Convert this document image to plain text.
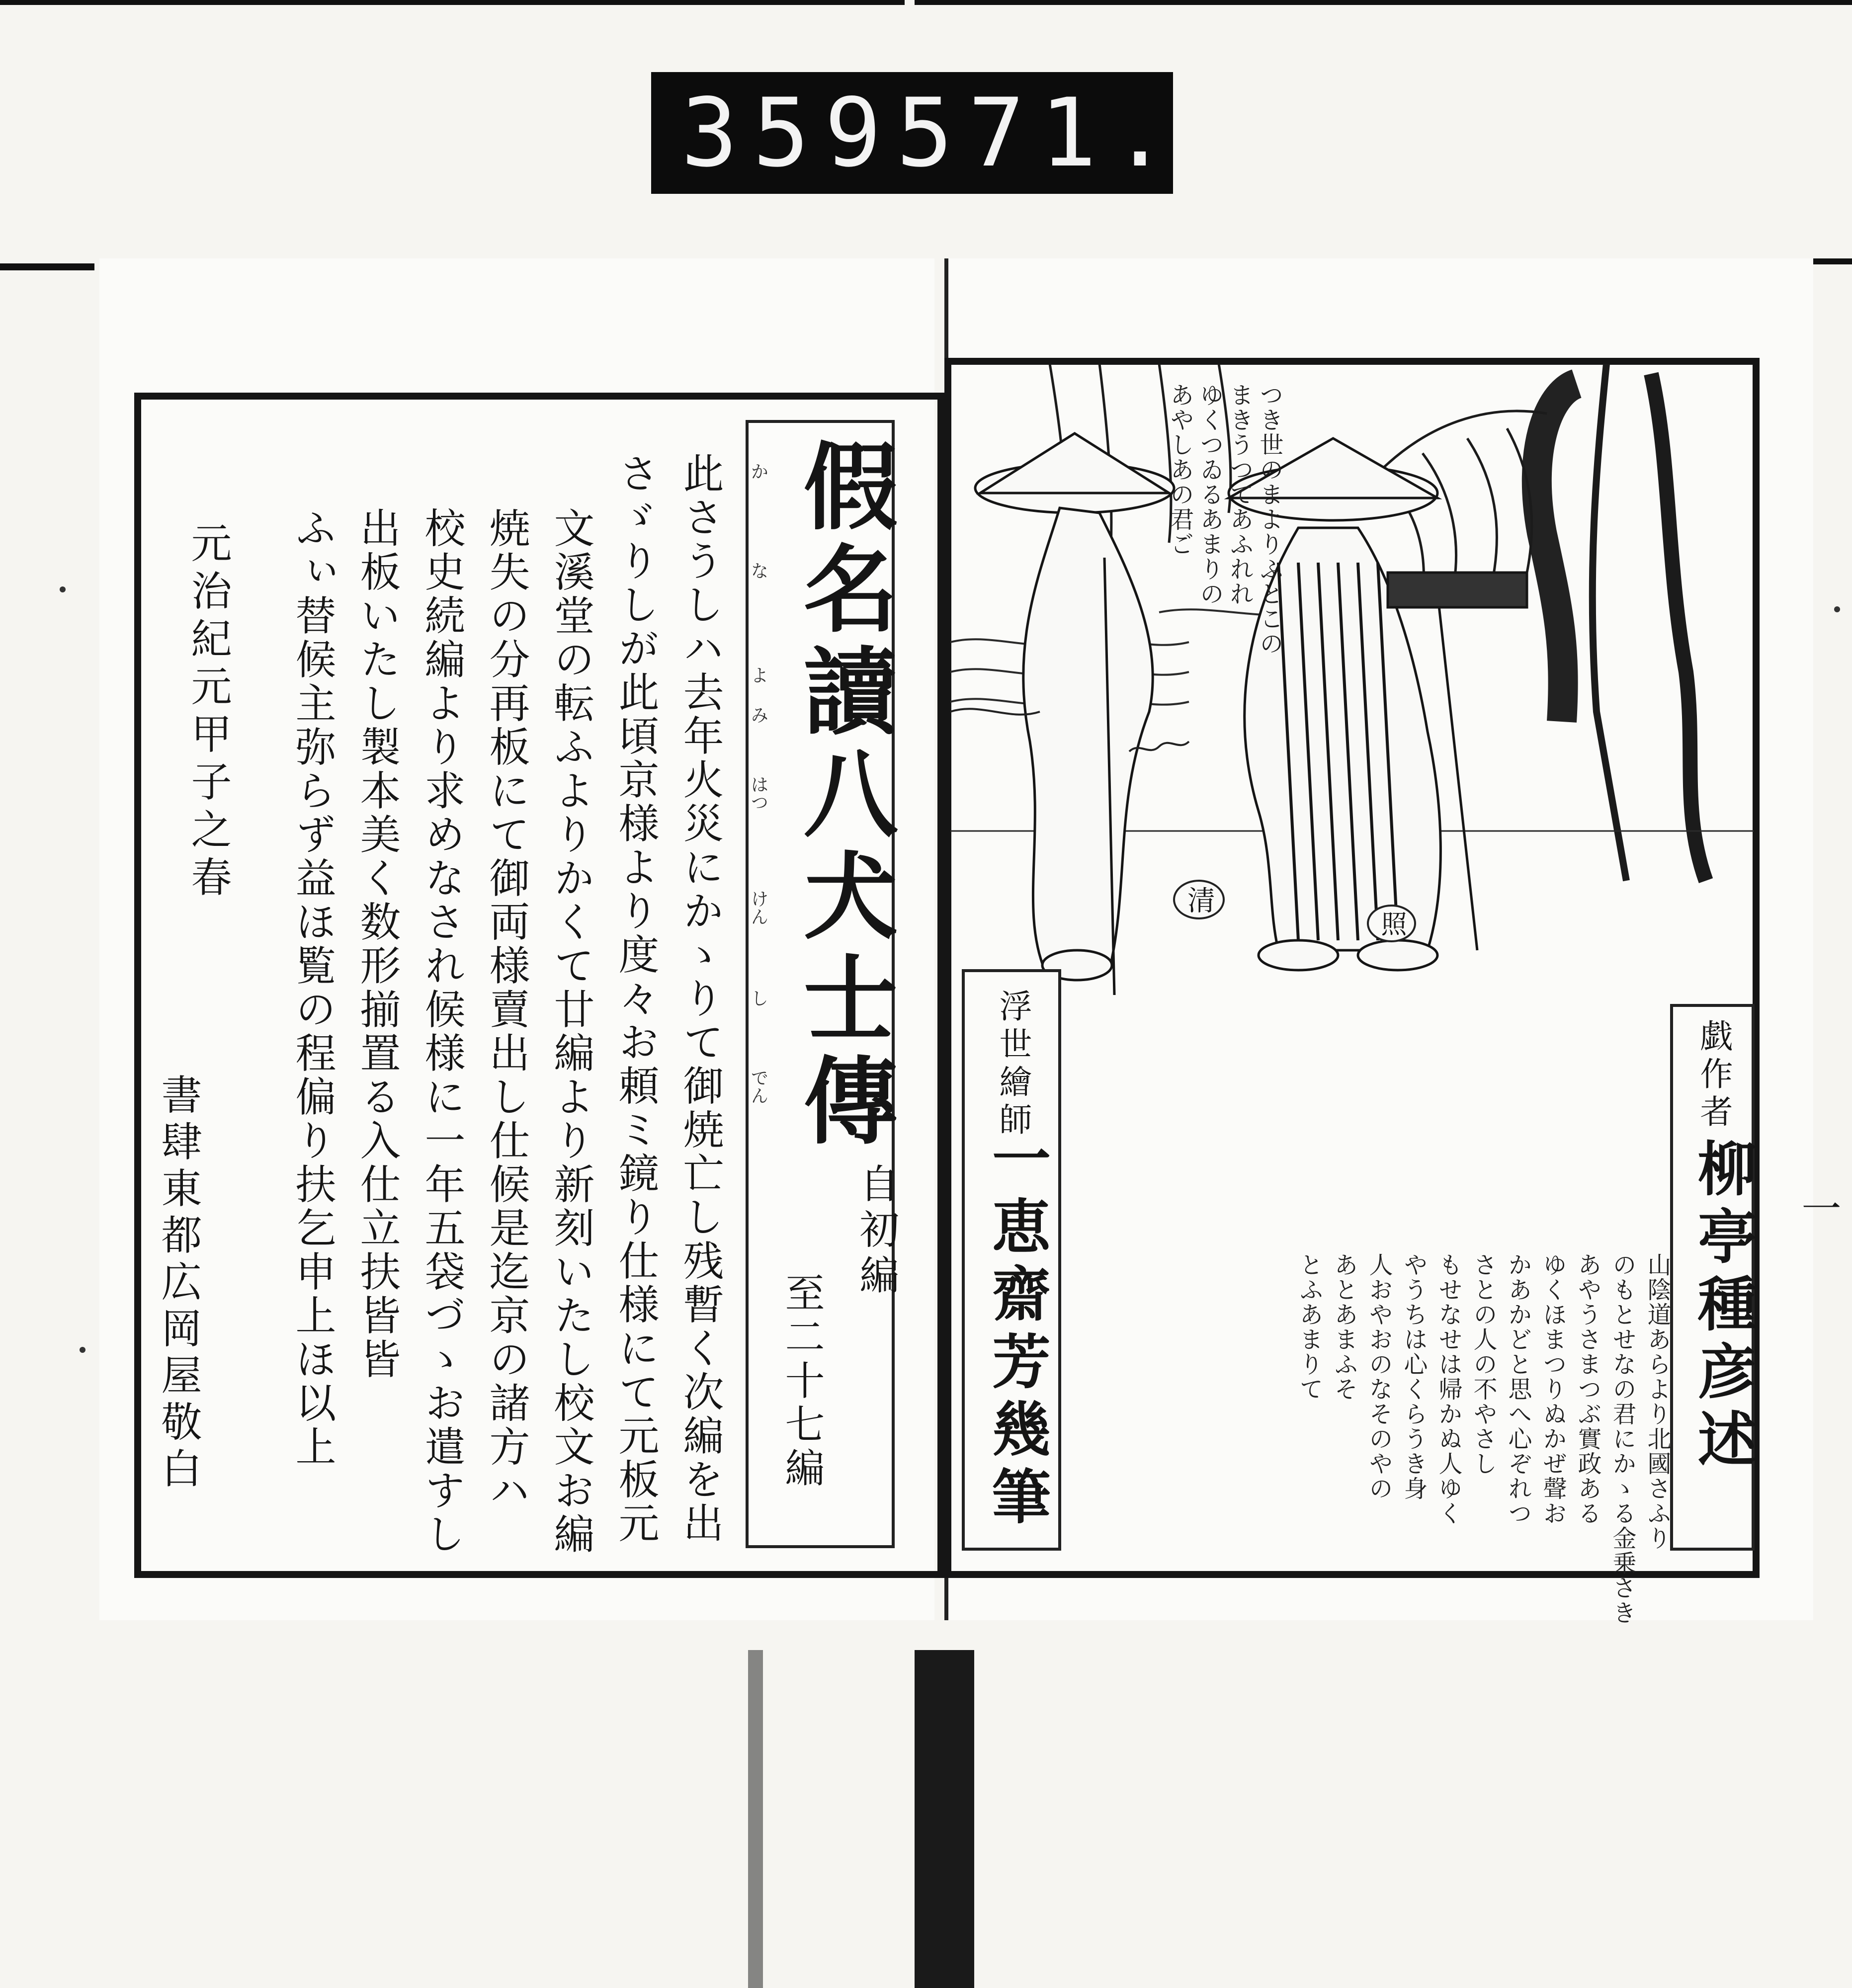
359 571.
假名讀八犬士傳
か
な
よ
み
はつ
けん
し
でん
自初編
至二十七編
此さうしハ去年火災にかゝりて御焼亡し残暫く次編を出
さゞりしが此頃京様より度々お頼ミ鏡り仕様にて元板元
文溪堂の転ふよりかくて廿編より新刻いたし校文お編
焼失の分再板にて御両様賣出し仕候是迄京の諸方ハ
校史続編より求めなされ候様に一年五袋づゝお遣すし
出板いたし製本美く数形揃置る入仕立扶皆皆
ふぃ替候主弥らず益ほ覧の程偏り扶乞申上ほ以上
元治紀元甲子之春
書肆東都広岡屋敬白
清
照
つき世のまよりふとこの
まきうつてあふれれ
ゆくつゐるあまりの
あやしあの君ご
戯作者
柳亭種彦述
浮世繪師
一恵齋芳幾筆	山陰道あらより北國さふり
のもとせなの君にかゝる金乗さき
あやうさまつぶ實政ある
ゆくほまつりぬかぜ聲お
かあかどと思へ心ぞれつ
さとの人の不やさし
もせなせは帰かぬ人ゆく
やうちは心くらうき身
人おやおのなそのやの
あとあまふそ
とふあまりて
一
